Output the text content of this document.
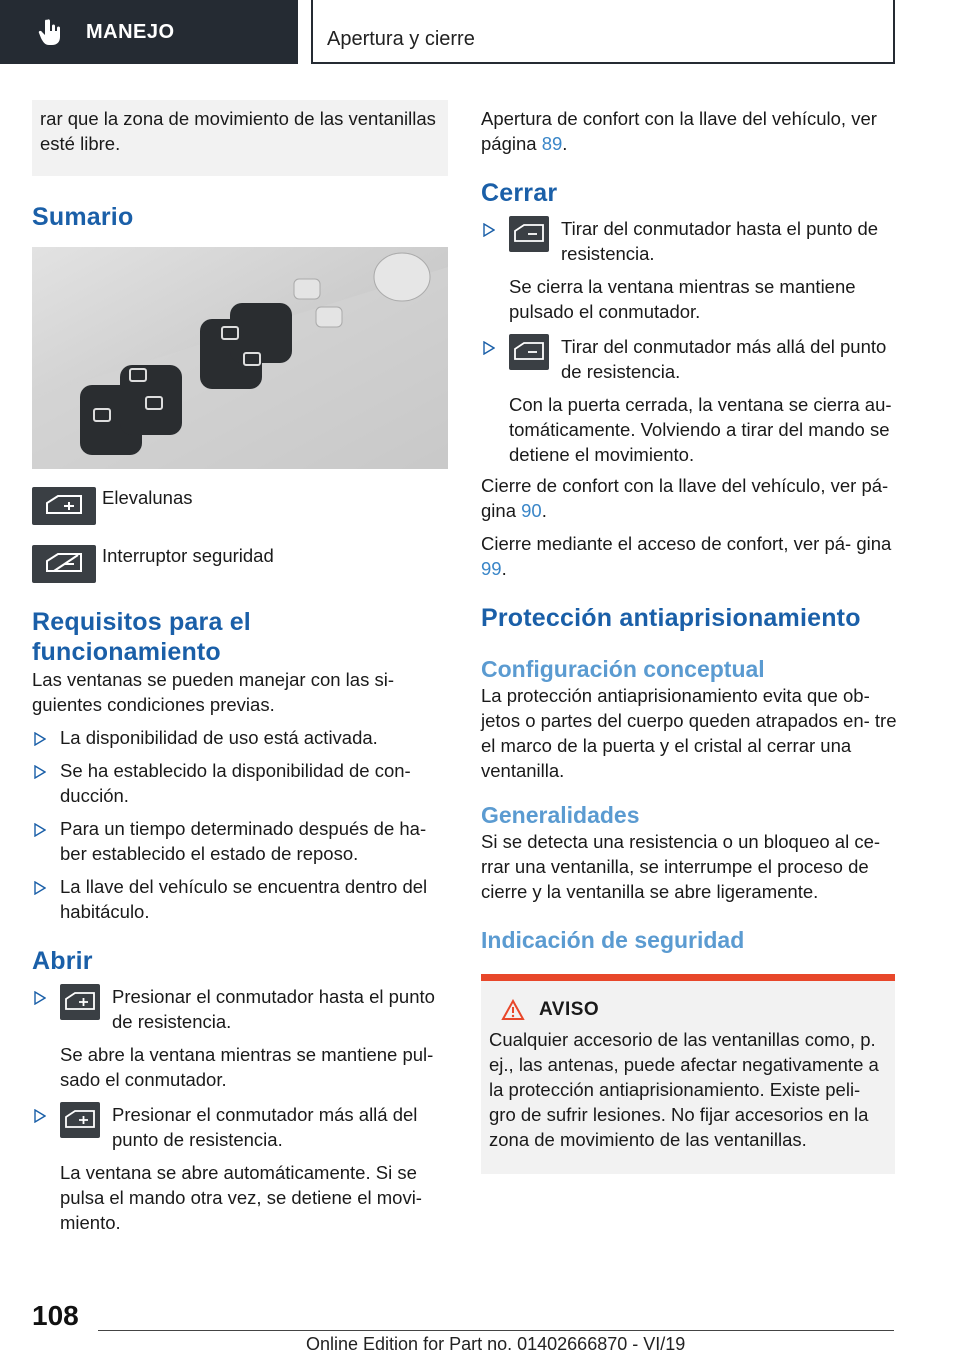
MANEJO	Apertura y cierre

rar que la zona de movimiento de las ventanillas esté libre.

Sumario
Elevalunas
Interruptor seguridad
Requisitos para el
funcionamiento

Las ventanas se pueden manejar con las si- guientes condiciones previas.

La disponibilidad de uso está activada.

Se ha establecido la disponibilidad de con- ducción.

Para un tiempo determinado después de ha- ber establecido el estado de reposo.

La llave del vehículo se encuentra dentro del habitáculo.

Abrir
Presionar el conmutador hasta el punto de resistencia.

Se abre la ventana mientras se mantiene pul- sado el conmutador.

Presionar el conmutador más allá del punto de resistencia.

La ventana se abre automáticamente. Si se pulsa el mando otra vez, se detiene el movi- miento.

Apertura de confort con la llave del vehículo, ver página 89.

Cerrar
Tirar del conmutador hasta el punto de resistencia.

Se cierra la ventana mientras se mantiene pulsado el conmutador.

Tirar del conmutador más allá del punto de resistencia.

Con la puerta cerrada, la ventana se cierra au- tomáticamente. Volviendo a tirar del mando se detiene el movimiento.

Cierre de confort con la llave del vehículo, ver pá- gina 90.

Cierre mediante el acceso de confort, ver pá- gina 99.

Protección antiaprisionamiento
Configuración conceptual

La protección antiaprisionamiento evita que ob- jetos o partes del cuerpo queden atrapados en- tre el marco de la puerta y el cristal al cerrar una ventanilla.

Generalidades

Si se detecta una resistencia o un bloqueo al ce- rrar una ventanilla, se interrumpe el proceso de cierre y la ventanilla se abre ligeramente.

Indicación de seguridad
AVISO

Cualquier accesorio de las ventanillas como, p. ej., las antenas, puede afectar negativamente a la protección antiaprisionamiento. Existe peli- gro de sufrir lesiones. No fijar accesorios en la zona de movimiento de las ventanillas.

108
Online Edition for Part no. 01402666870 - VI/19
